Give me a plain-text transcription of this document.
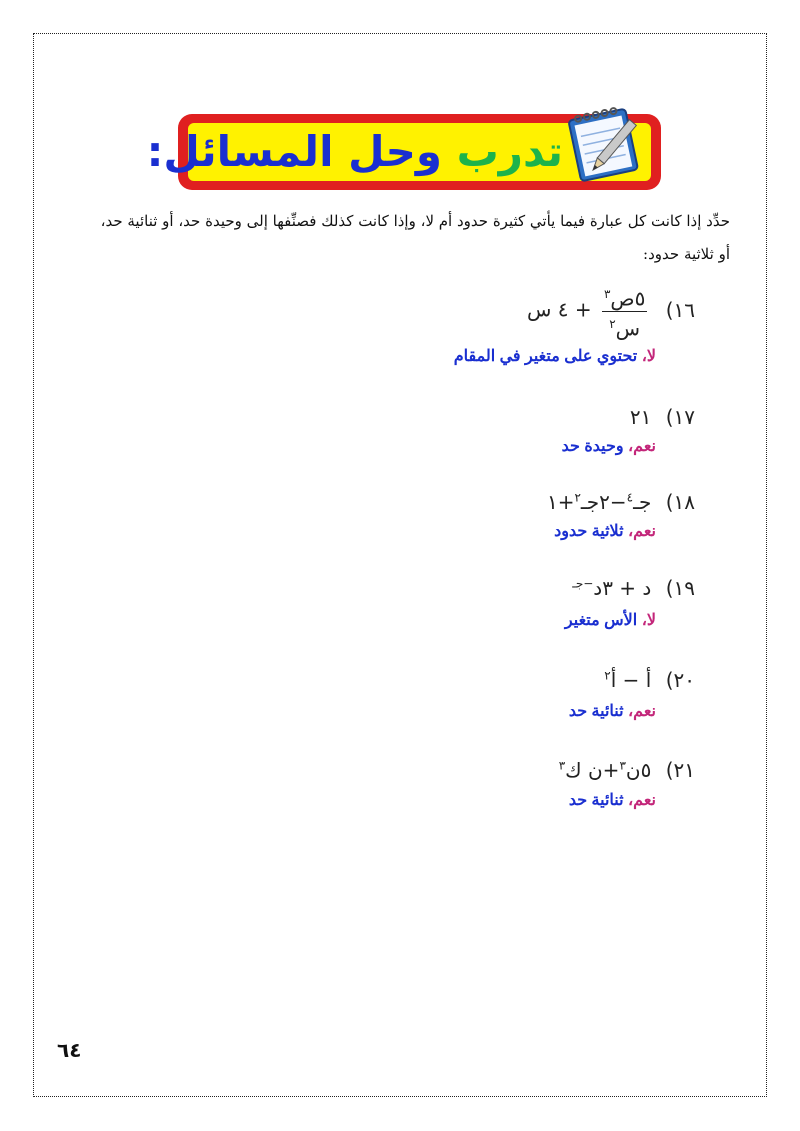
تدرب وحل المسائل:
حدِّد إذا كانت كل عبارة فيما يأتي كثيرة حدود أم لا، وإذا كانت كذلك فصنِّفها إلى وحيدة حد، أو ثنائية حد،
أو ثلاثية حدود:
١٦)
$\frac{٥ص^٣}{س^٢}$
+ ٤ س
لا، تحتوي على متغير في المقام
١٧) ٢١
نعم، وحيدة حد
١٨) جـ$^٤$−٢جـ$^٢$+١
نعم، ثلاثية حدود
١٩) د + ٣د$^{-جـ}$
لا، الأس متغير
٢٠) أ − أ$^٢$
نعم، ثنائية حد
٢١) ٥ن$^٣$+ن ك$^٣$
نعم، ثنائية حد
٦٤
